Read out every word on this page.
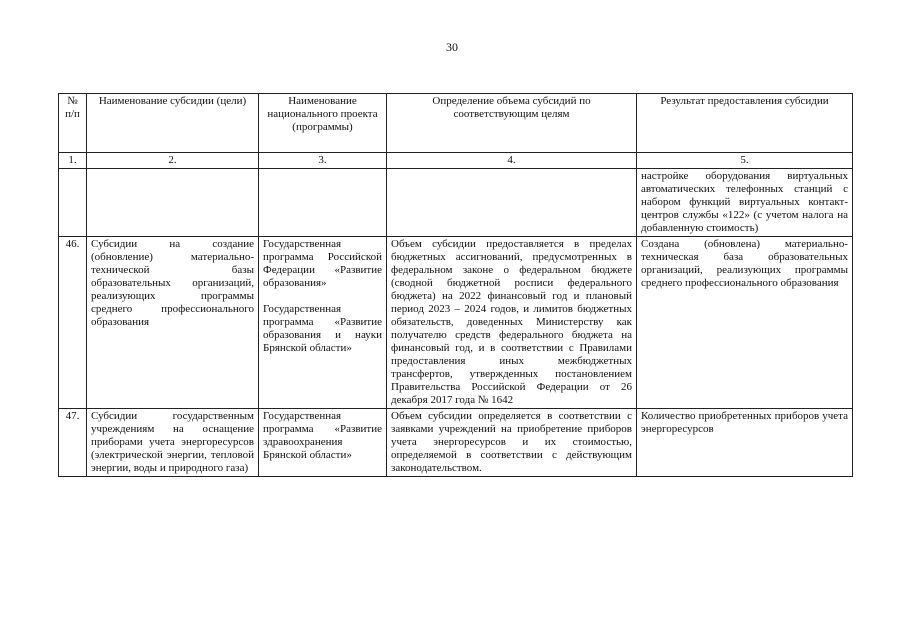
30
№ п/п	Наименование субсидии (цели)	Наименование национального проекта (программы)	Определение объема субсидий по соответствующим целям	Результат предоставления субсидии
1.	2.	3.	4.	5.
				настройке оборудования виртуальных автоматических телефонных станций с набором функций виртуальных контакт-центров службы «122» (с учетом налога на добавленную стоимость)
46.	Субсидии на создание (обновление) материально-технической базы образовательных организаций, реализующих программы среднего профессионального образования	Государственная программа Российской Федерации «Развитие образования»
Государственная программа «Развитие образования и науки Брянской области»	Объем субсидии предоставляется в пределах бюджетных ассигнований, предусмотренных в федеральном законе о федеральном бюджете (сводной бюджетной росписи федерального бюджета) на 2022 финансовый год и плановый период 2023 – 2024 годов, и лимитов бюджетных обязательств, доведенных Министерству как получателю средств федерального бюджета на финансовый год, и в соответствии с Правилами предоставления иных межбюджетных трансфертов, утвержденных постановлением Правительства Российской Федерации от 26 декабря 2017 года № 1642	Создана (обновлена) материально-техническая база образовательных организаций, реализующих программы среднего профессионального образования
47.	Субсидии государственным учреждениям на оснащение приборами учета энергоресурсов (электрической энергии, тепловой энергии, воды и природного газа)	Государственная программа «Развитие здравоохранения Брянской области»	Объем субсидии определяется в соответствии с заявками учреждений на приобретение приборов учета энергоресурсов и их стоимостью, определяемой в соответствии с действующим законодательством.	Количество приобретенных приборов учета энергоресурсов
